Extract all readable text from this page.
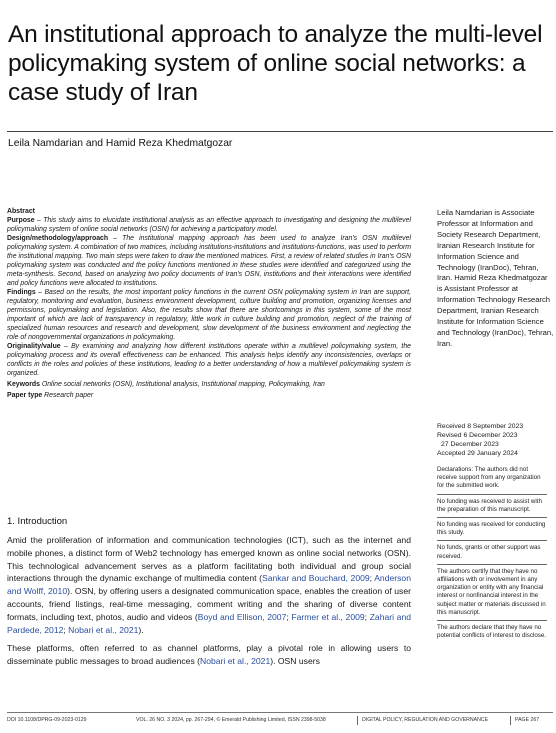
An institutional approach to analyze the multi-level policymaking system of online social networks: a case study of Iran
Leila Namdarian and Hamid Reza Khedmatgozar

Abstract

Purpose – This study aims to elucidate institutional analysis as an effective approach to investigating and designing the multilevel policymaking system of online social networks (OSN) for achieving a participatory model.

Design/methodology/approach – The institutional mapping approach has been used to analyze Iran's OSN multilevel policymaking system. A combination of two matrices, including institutions-institutions and institutions-functions, was used to perform the institutional mapping. Two main steps were taken to draw the mentioned matrices. First, a review of related studies in Iran's OSN policymaking system was conducted and the policy functions mentioned in these studies were identified and categorized using the meta-synthesis. Second, based on analyzing two policy documents of Iran's OSN, institutions and their interactions were identified and policy functions were allocated to institutions.

Findings – Based on the results, the most important policy functions in the current OSN policymaking system in Iran are support, regulatory, monitoring and evaluation, business environment development, culture building and promotion, organizing licenses and permissions, policymaking and legislation. Also, the results show that there are shortcomings in this system, some of the most important of which are lack of transparency in regulatory, little work in culture building and promotion, neglect of the training of specialized human resources and research and development, slow development of the business environment and neglecting the role of nongovernmental organizations in policymaking.

Originality/value – By examining and analyzing how different institutions operate within a multilevel policymaking system, the policymaking process and its overall effectiveness can be enhanced. This analysis helps identify any inconsistencies, overlaps or conflicts in the roles and policies of these institutions, leading to a better understanding of how a multilevel policymaking system is organized.

Keywords Online social networks (OSN), Institutional analysis, Institutional mapping, Policymaking, Iran

Paper type Research paper

Leila Namdarian is Associate Professor at Information and Society Research Department, Iranian Research Institute for Information Science and Technology (IranDoc), Tehran, Iran. Hamid Reza Khedmatgozar is Assistant Professor at Information Technology Research Department, Iranian Research Institute for Information Science and Technology (IranDoc), Tehran, Iran.
Received 8 September 2023
Revised 6 December 2023
27 December 2023
Accepted 29 January 2024

Declarations: The authors did not receive support from any organization for the submitted work.

No funding was received to assist with the preparation of this manuscript.

No funding was received for conducting this study.

No funds, grants or other support was received.

The authors certify that they have no affiliations with or involvement in any organization or entity with any financial interest or nonfinancial interest in the subject matter or materials discussed in this manuscript.

The authors declare that they have no potential conflicts of interest to disclose.

1. Introduction

Amid the proliferation of information and communication technologies (ICT), such as the internet and mobile phones, a distinct form of Web2 technology has emerged known as online social networks (OSN). This technological advancement serves as a platform facilitating both individual and group social interactions through the dynamic exchange of multimedia content (Sankar and Bouchard, 2009; Anderson and Wolff, 2010). OSN, by offering users a designated communication space, enables the creation of user accounts, friend listings, real-time messaging, comment writing and the sharing of diverse content formats, including text, photos, audio and videos (Boyd and Ellison, 2007; Farmer et al., 2009; Zahari and Pardede, 2012; Nobari et al., 2021).

These platforms, often referred to as channel platforms, play a pivotal role in allowing users to disseminate public messages to broad audiences (Nobari et al., 2021). OSN users

DOI 10.1108/DPRG-09-2023-0129	VOL. 26 NO. 3 2024, pp. 267-294, © Emerald Publishing Limited, ISSN 2398-5038	DIGITAL POLICY, REGULATION AND GOVERNANCE	PAGE 267
